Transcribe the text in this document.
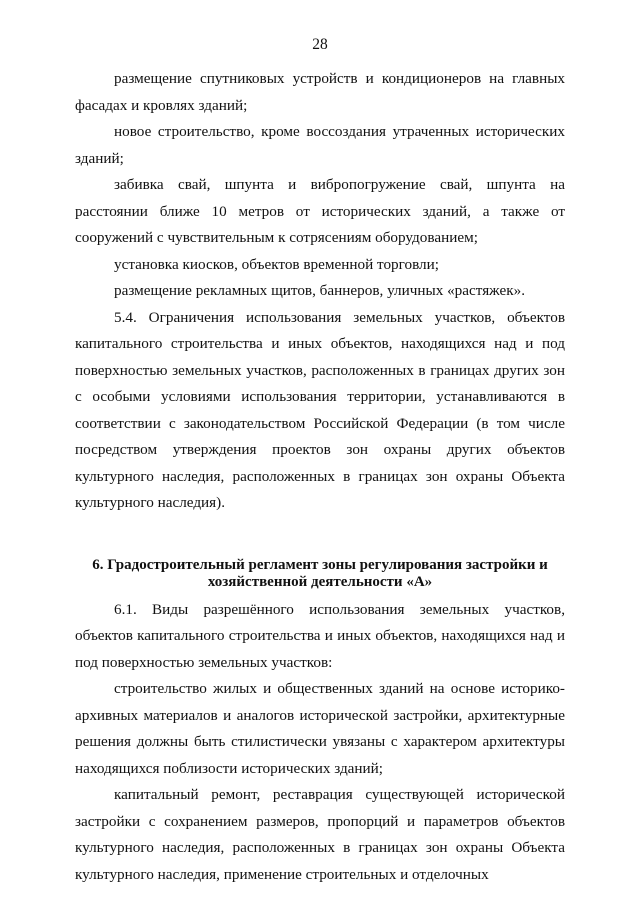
28

размещение спутниковых устройств и кондиционеров на главных фасадах и кровлях зданий;

новое строительство, кроме воссоздания утраченных исторических зданий;

забивка свай, шпунта и вибропогружение свай, шпунта на расстоянии ближе 10 метров от исторических зданий, а также от сооружений с чувствительным к сотрясениям оборудованием;

установка киосков, объектов временной торговли;

размещение рекламных щитов, баннеров, уличных «растяжек».

5.4. Ограничения использования земельных участков, объектов капитального строительства и иных объектов, находящихся над и под поверхностью земельных участков, расположенных в границах других зон с особыми условиями использования территории, устанавливаются в соответствии с законодательством Российской Федерации (в том числе посредством утверждения проектов зон охраны других объектов культурного наследия, расположенных в границах зон охраны Объекта культурного наследия).

6. Градостроительный регламент зоны регулирования застройки и хозяйственной деятельности «А»

6.1. Виды разрешённого использования земельных участков, объектов капитального строительства и иных объектов, находящихся над и под поверхностью земельных участков:

строительство жилых и общественных зданий на основе историко-архивных материалов и аналогов исторической застройки, архитектурные решения должны быть стилистически увязаны с характером архитектуры находящихся поблизости исторических зданий;

капитальный ремонт, реставрация существующей исторической застройки с сохранением размеров, пропорций и параметров объектов культурного наследия, расположенных в границах зон охраны Объекта культурного наследия, применение строительных и отделочных
